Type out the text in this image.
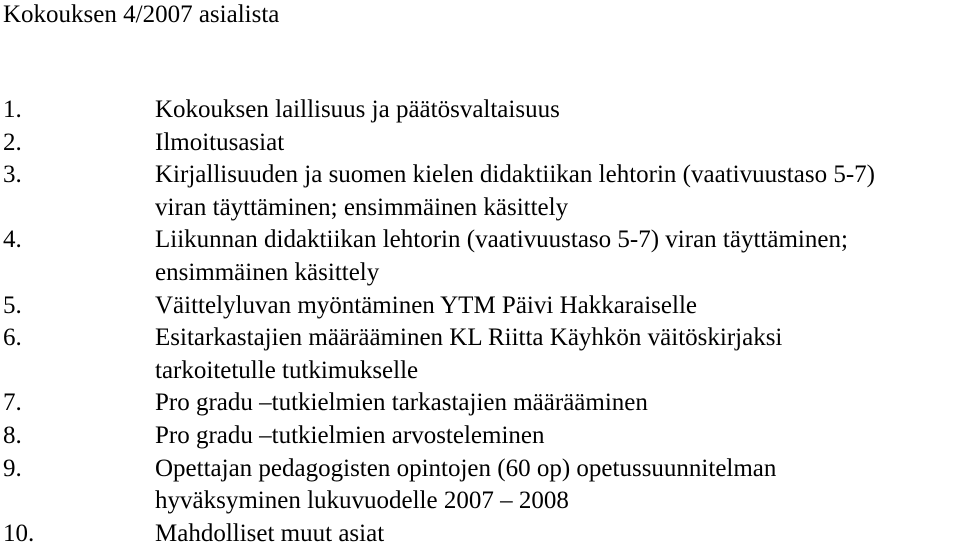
Kokouksen 4/2007 asialista
1.	Kokouksen laillisuus ja päätösvaltaisuus
2.	Ilmoitusasiat
3.	Kirjallisuuden ja suomen kielen didaktiikan lehtorin (vaativuustaso 5-7)
viran täyttäminen; ensimmäinen käsittely
4.	Liikunnan didaktiikan lehtorin (vaativuustaso 5-7) viran täyttäminen;
ensimmäinen käsittely
5.	Väittelyluvan myöntäminen YTM Päivi Hakkaraiselle
6.	Esitarkastajien määrääminen KL Riitta Käyhkön väitöskirjaksi
tarkoitetulle tutkimukselle
7.	Pro gradu –tutkielmien tarkastajien määrääminen
8.	Pro gradu –tutkielmien arvosteleminen
9.	Opettajan pedagogisten opintojen (60 op) opetussuunnitelman
hyväksyminen lukuvuodelle 2007 – 2008
10.	Mahdolliset muut asiat
